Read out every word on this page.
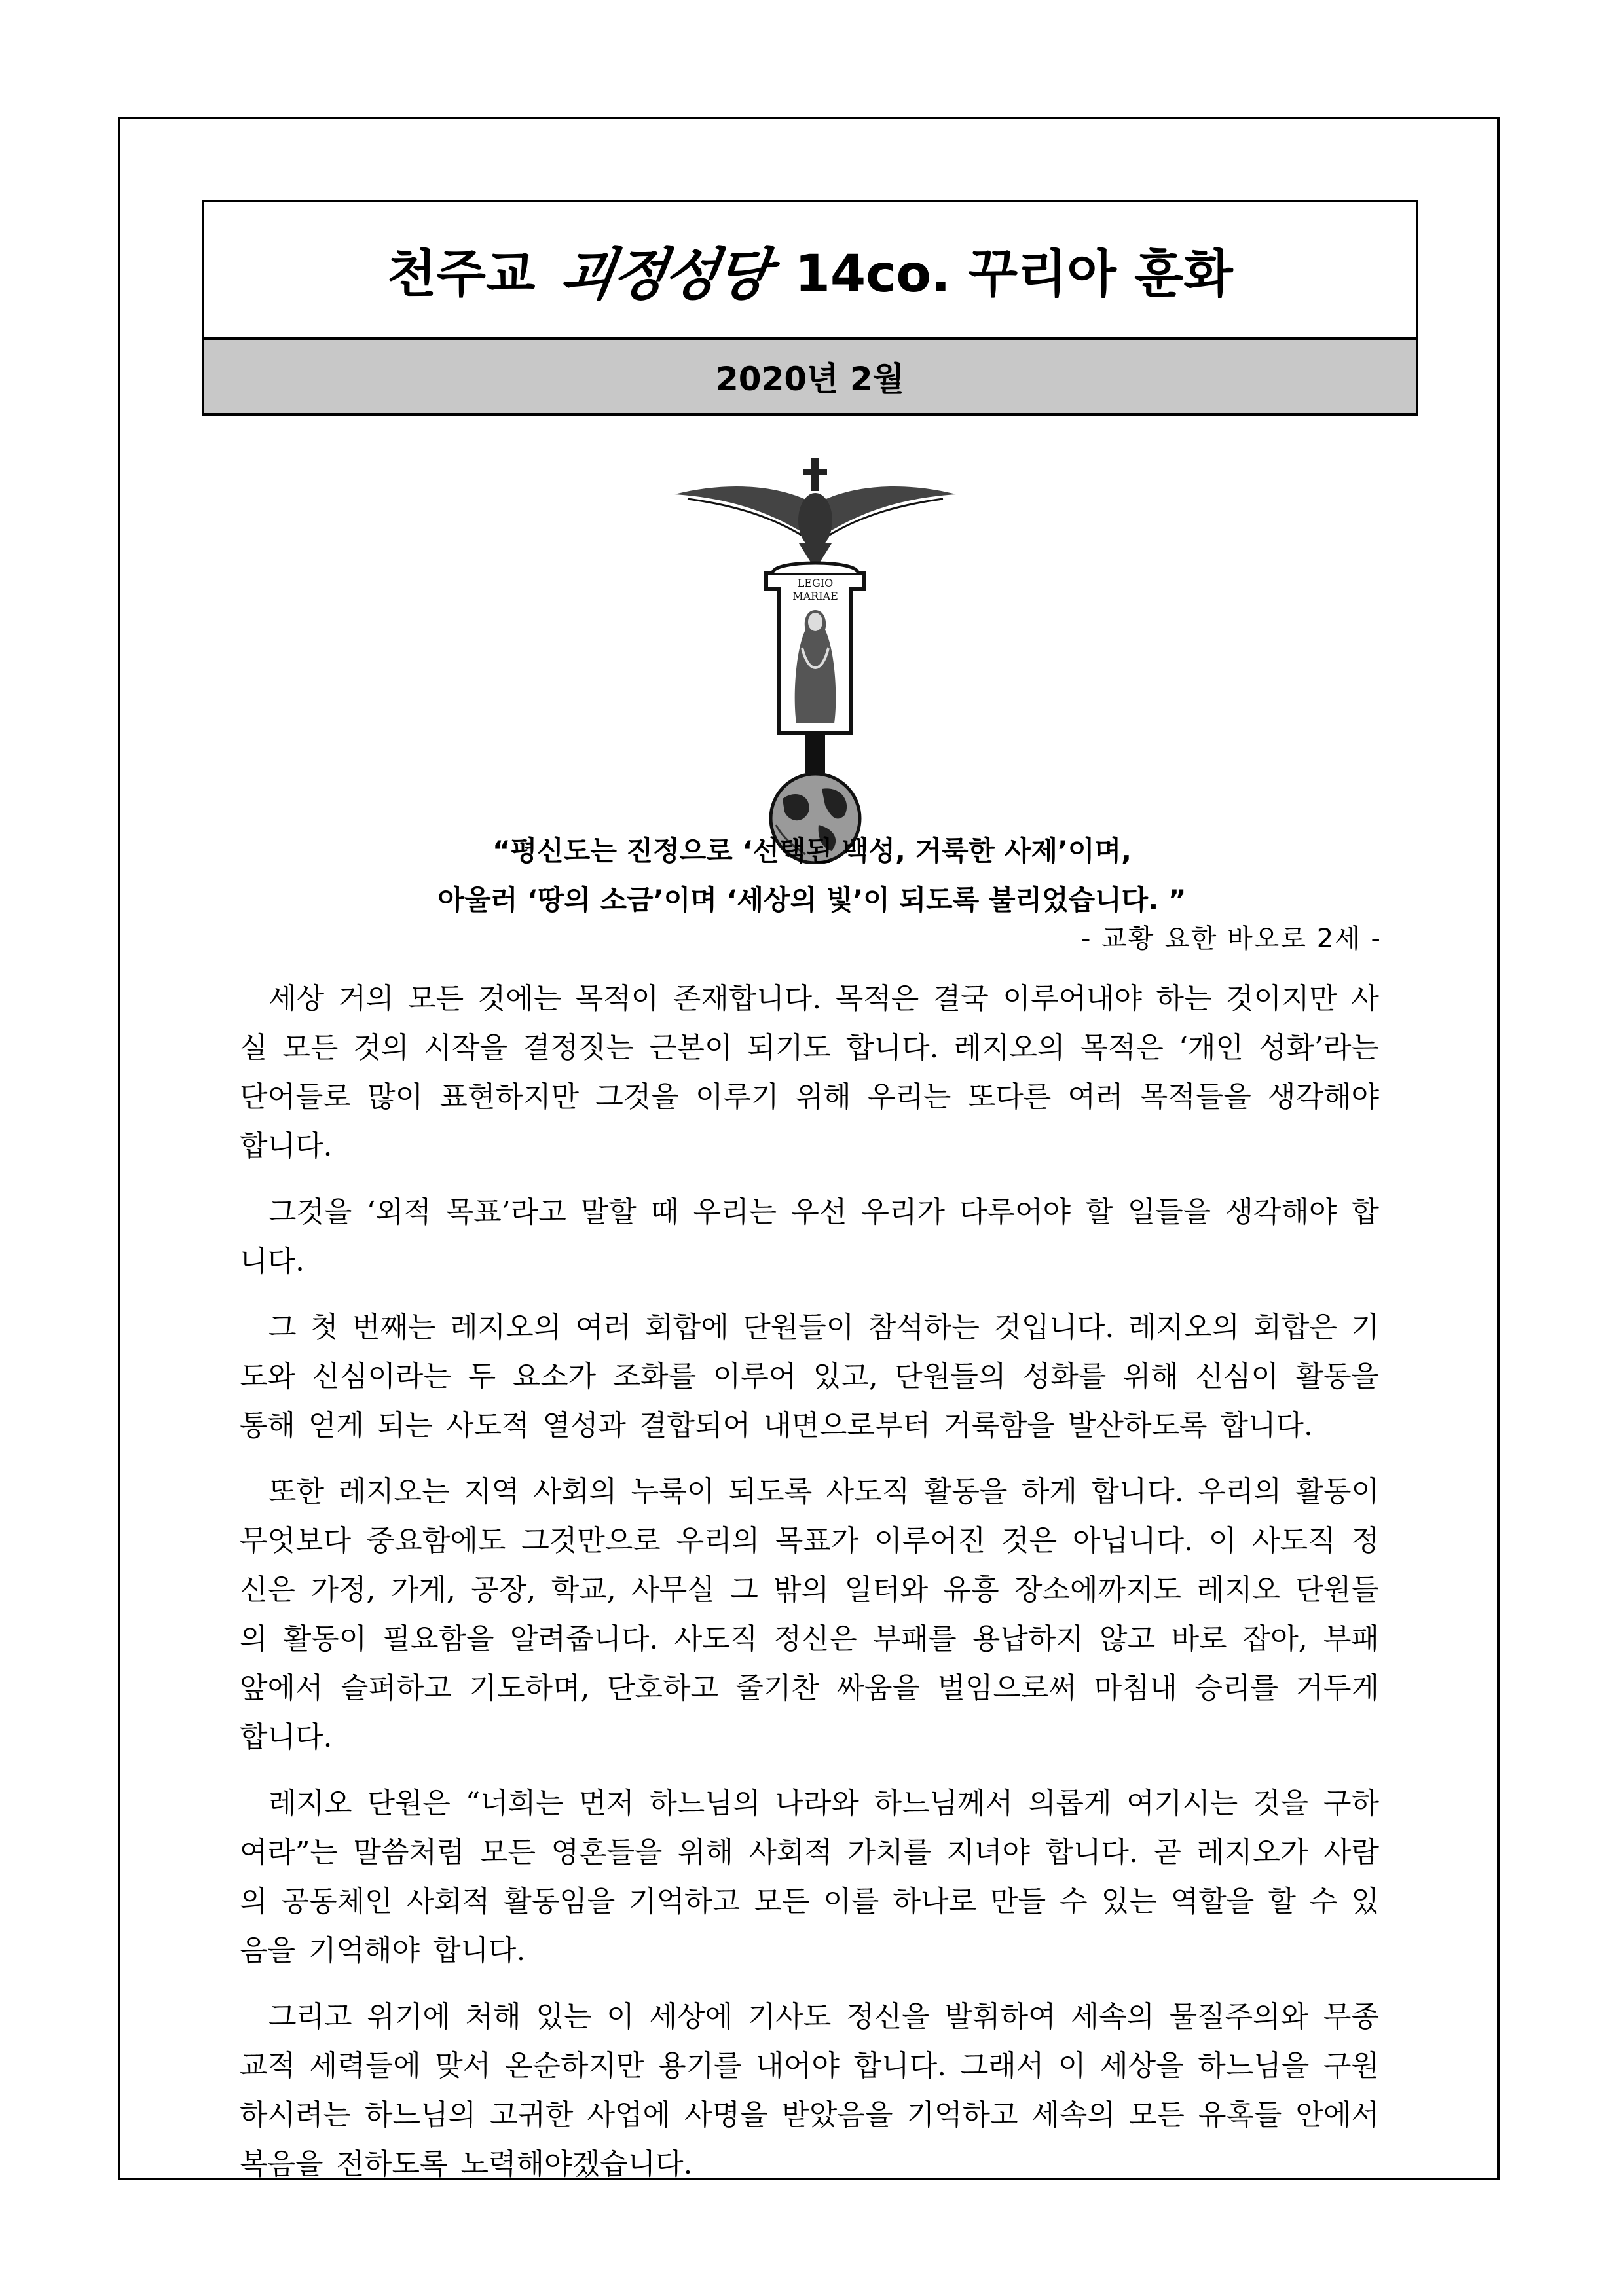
천주교 괴정성당 14co. 꾸리아 훈화
2020년 2월
LEGIO
MARIAE
“평신도는 진정으로 ‘선택된 백성, 거룩한 사제’이며,
아울러 ‘땅의 소금’이며 ‘세상의 빛’이 되도록 불리었습니다. ”
- 교황 요한 바오로 2세 -

세상 거의 모든 것에는 목적이 존재합니다. 목적은 결국 이루어내야 하는 것이지만 사실 모든 것의 시작을 결정짓는 근본이 되기도 합니다. 레지오의 목적은 ‘개인 성화’라는 단어들로 많이 표현하지만 그것을 이루기 위해 우리는 또다른 여러 목적들을 생각해야 합니다.

그것을 ‘외적 목표’라고 말할 때 우리는 우선 우리가 다루어야 할 일들을 생각해야 합니다.

그 첫 번째는 레지오의 여러 회합에 단원들이 참석하는 것입니다. 레지오의 회합은 기도와 신심이라는 두 요소가 조화를 이루어 있고, 단원들의 성화를 위해 신심이 활동을 통해 얻게 되는 사도적 열성과 결합되어 내면으로부터 거룩함을 발산하도록 합니다.

또한 레지오는 지역 사회의 누룩이 되도록 사도직 활동을 하게 합니다. 우리의 활동이 무엇보다 중요함에도 그것만으로 우리의 목표가 이루어진 것은 아닙니다. 이 사도직 정신은 가정, 가게, 공장, 학교, 사무실 그 밖의 일터와 유흥 장소에까지도 레지오 단원들의 활동이 필요함을 알려줍니다. 사도직 정신은 부패를 용납하지 않고 바로 잡아, 부패 앞에서 슬퍼하고 기도하며, 단호하고 줄기찬 싸움을 벌임으로써 마침내 승리를 거두게 합니다.

레지오 단원은 “너희는 먼저 하느님의 나라와 하느님께서 의롭게 여기시는 것을 구하여라”는 말씀처럼 모든 영혼들을 위해 사회적 가치를 지녀야 합니다. 곧 레지오가 사람의 공동체인 사회적 활동임을 기억하고 모든 이를 하나로 만들 수 있는 역할을 할 수 있음을 기억해야 합니다.

그리고 위기에 처해 있는 이 세상에 기사도 정신을 발휘하여 세속의 물질주의와 무종교적 세력들에 맞서 온순하지만 용기를 내어야 합니다. 그래서 이 세상을 하느님을 구원하시려는 하느님의 고귀한 사업에 사명을 받았음을 기억하고 세속의 모든 유혹들 안에서 복음을 전하도록 노력해야겠습니다.
